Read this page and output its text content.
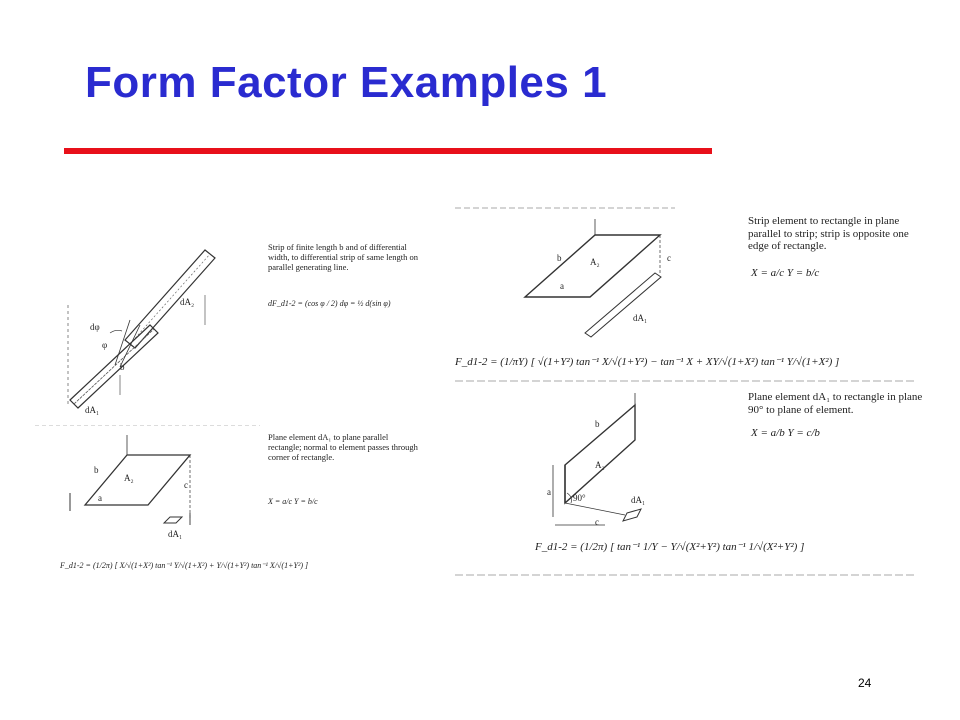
Form Factor Examples 1
dA₂
dφ
φ
b
dA₁
Strip of finite length b and of differential width, to differential strip of same length on parallel generating line.
dF_d1-2 = (cos φ / 2) dφ = ½ d(sin φ)
b
A₂
a
c
dA₁
Plane element dA₁ to plane parallel rectangle; normal to element passes through corner of rectangle.
X = a/c Y = b/c
F_d1-2 = (1/2π) [ X/√(1+X²) tan⁻¹ Y/√(1+X²) + Y/√(1+Y²) tan⁻¹ X/√(1+Y²) ]
b	A₂
a
c
dA₁
Strip element to rectangle in plane parallel to strip; strip is opposite one edge of rectangle.
X = a/c Y = b/c
F_d1-2 = (1/πY) [ √(1+Y²) tan⁻¹ X/√(1+Y²) − tan⁻¹ X + XY/√(1+X²) tan⁻¹ Y/√(1+X²) ]
b
A₂
a
90°	dA₁
c
Plane element dA₁ to rectangle in plane 90° to plane of element.
X = a/b Y = c/b
F_d1-2 = (1/2π) [ tan⁻¹ 1/Y − Y/√(X²+Y²) tan⁻¹ 1/√(X²+Y²) ]
24
